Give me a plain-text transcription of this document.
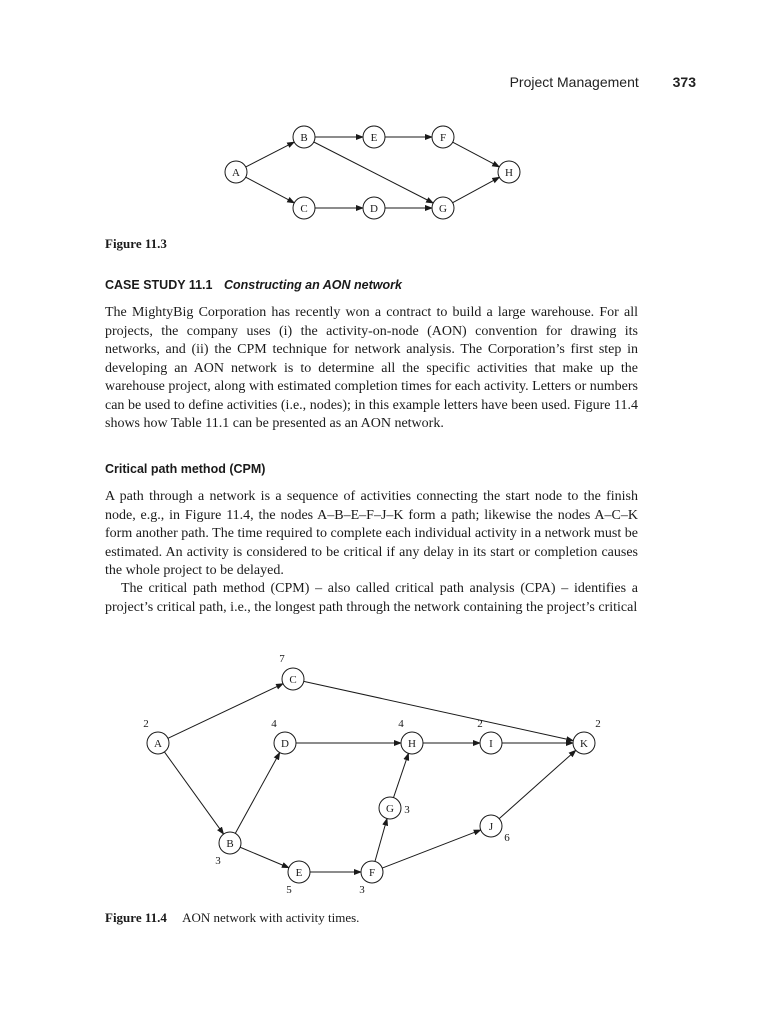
Project Management 373
A
B
C	D
E	F
G
H
Figure 11.3
CASE STUDY 11.1 Constructing an AON network

The MightyBig Corporation has recently won a contract to build a large warehouse. For all projects, the company uses (i) the activity-on-node (AON) convention for drawing its networks, and (ii) the CPM technique for network analysis. The Corporation’s first step in developing an AON network is to determine all the specific activities that make up the warehouse project, along with estimated completion times for each activity. Letters or numbers can be used to define activities (i.e., nodes); in this example letters have been used. Figure 11.4 shows how Table 11.1 can be presented as an AON network.

Critical path method (CPM)

A path through a network is a sequence of activities connecting the start node to the finish node, e.g., in Figure 11.4, the nodes A–B–E–F–J–K form a path; likewise the nodes A–C–K form another path. The time required to complete each individual activity in a network must be estimated. An activity is considered to be critical if any delay in its start or completion causes the whole project to be delayed.

The critical path method (CPM) – also called critical path analysis (CPA) – identifies a project’s critical path, i.e., the longest path through the network containing the project’s critical

A
2
B
3
C
7
D
4
E
5
F
3
G 3
H
4
I
2
J
6
K
2
Figure 11.4 AON network with activity times.
